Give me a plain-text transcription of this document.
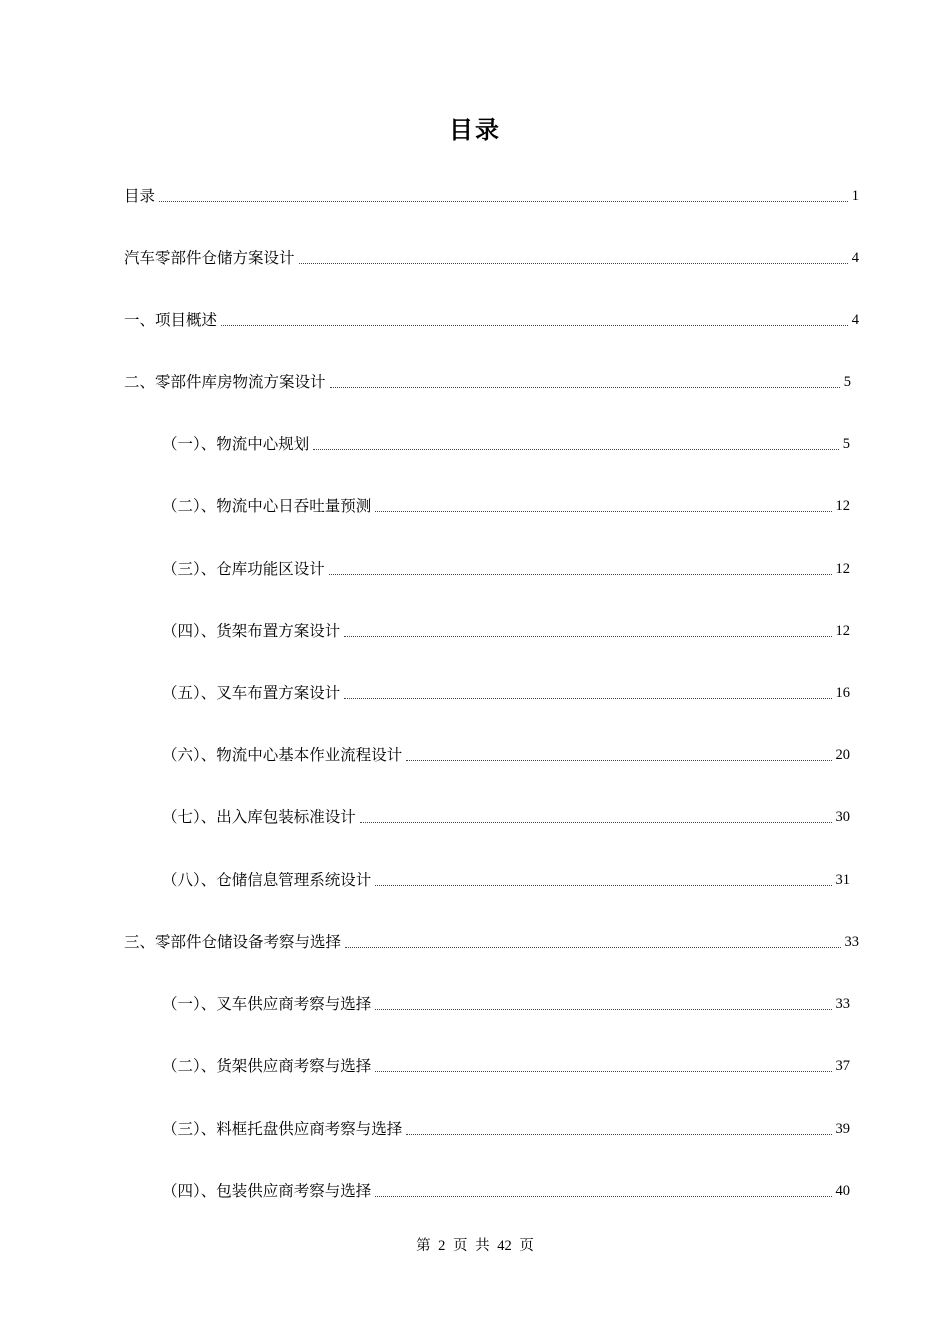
目录
目录	1
汽车零部件仓储方案设计	4
一、项目概述	4
二、零部件库房物流方案设计	5
（一）、物流中心规划	5
（二）、物流中心日吞吐量预测	12
（三）、仓库功能区设计	12
（四）、货架布置方案设计	12
（五）、叉车布置方案设计	16
（六）、物流中心基本作业流程设计	20
（七）、出入库包装标准设计	30
（八）、仓储信息管理系统设计	31
三、零部件仓储设备考察与选择	33
（一）、叉车供应商考察与选择	33
（二）、货架供应商考察与选择	37
（三）、料框托盘供应商考察与选择	39
（四）、包装供应商考察与选择	40
第 2 页 共 42 页
